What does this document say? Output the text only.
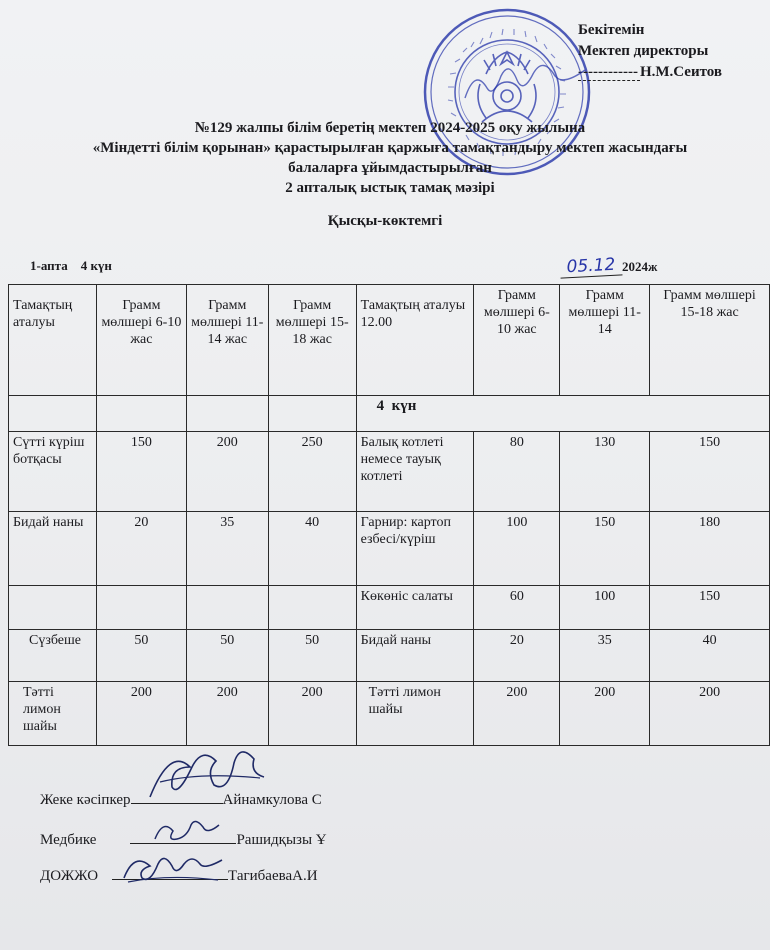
Бекітемін
Мектеп директоры
------------ Н.М.Сеитов
№129 жалпы білім беретің мектеп 2024-2025 оқу жылына
«Міндетті білім қорынан» қарастырылған қаржыға тамақтандыру мектеп жасындағы
балаларға ұйымдастырылған
2 апталық ыстық тамақ мәзірі
Қысқы-көктемгі
1-апта    4 күн	05.12 2024ж
Тамақтың аталуы	Грамм мөлшері 6-10 жас	Грамм мөлшері 11-14 жас	Грамм мөлшері 15-18 жас	Тамақтың аталуы 12.00	Грамм мөлшері 6-10 жас	Грамм мөлшері 11-14	Грамм мөлшері 15-18 жас
				4  күн			
Сүтті күріш ботқасы	150	200	250	Балық котлеті немесе тауық котлеті	80	130	150
Бидай наны	20	35	40	Гарнир: картоп езбесі/күріш	100	150	180
				Көкөніс салаты	60	100	150
Сүзбеше	50	50	50	Бидай наны	20	35	40
Тәтті лимон шайы	200	200	200	Тәтті лимон шайы	200	200	200
Жеке кәсіпкер	Айнамкулова С
Медбике	Рашидқызы Ұ
ДОЖЖО	ТагибаеваА.И
